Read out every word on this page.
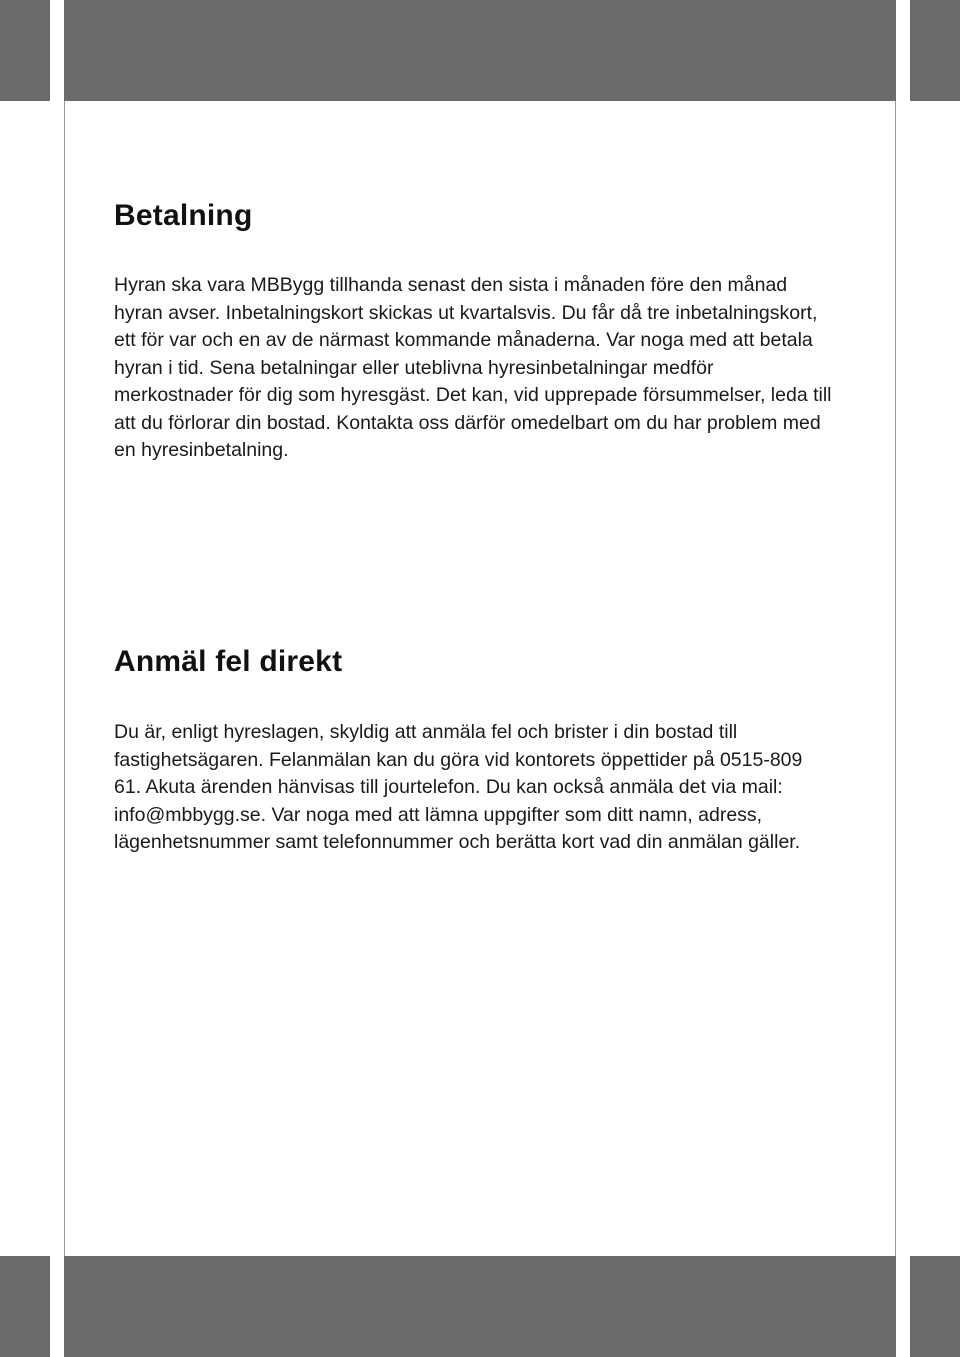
Betalning

Hyran ska vara MBBygg tillhanda senast den sista i månaden före den månad hyran avser. Inbetalningskort skickas ut kvartalsvis. Du får då tre inbetalningskort, ett för var och en av de närmast kommande månaderna. Var noga med att betala hyran i tid. Sena betalningar eller uteblivna hyresinbetalningar medför merkostnader för dig som hyresgäst. Det kan, vid upprepade försummelser, leda till att du förlorar din bostad. Kontakta oss därför omedelbart om du har problem med en hyresinbetalning.

Anmäl fel direkt

Du är, enligt hyreslagen, skyldig att anmäla fel och brister i din bostad till fastighetsägaren. Felanmälan kan du göra vid kontorets öppettider på 0515-809 61. Akuta ärenden hänvisas till jourtelefon. Du kan också anmäla det via mail: info@mbbygg.se. Var noga med att lämna uppgifter som ditt namn, adress, lägenhetsnummer samt telefonnummer och berätta kort vad din anmälan gäller.
